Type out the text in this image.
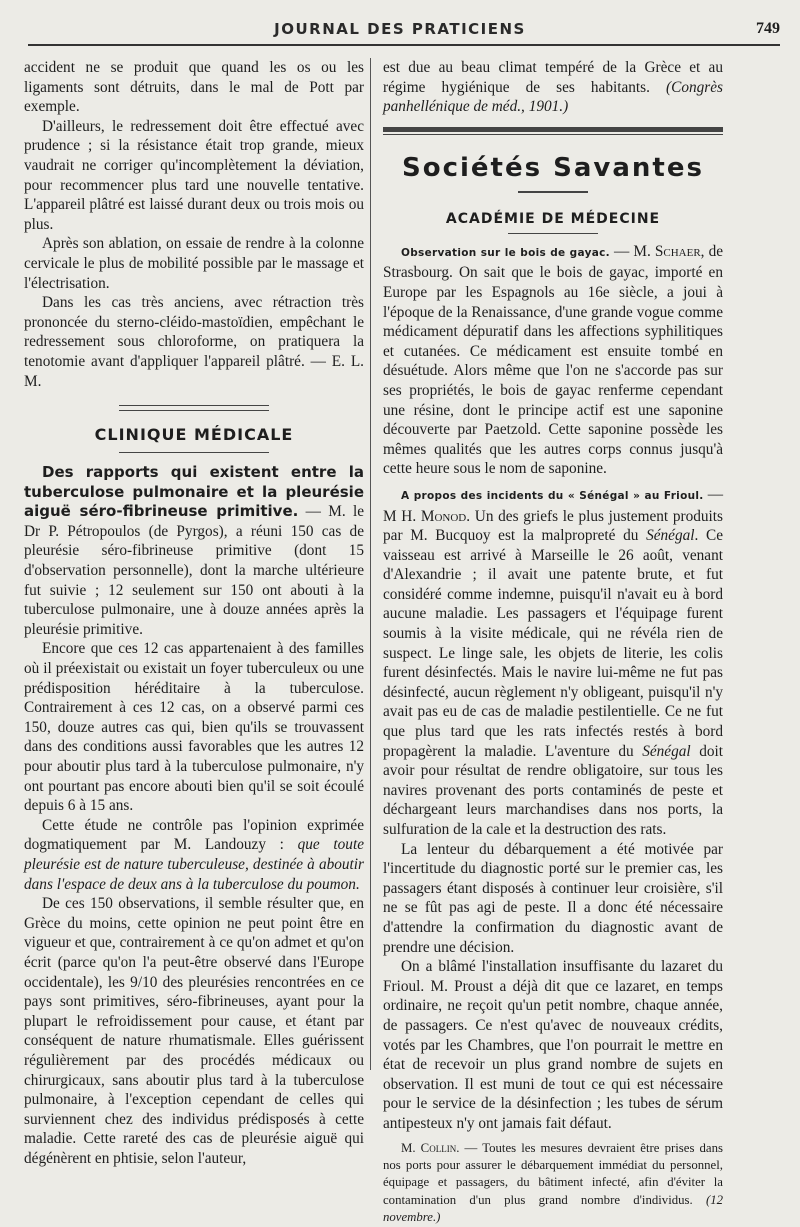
JOURNAL DES PRATICIENS	749

accident ne se produit que quand les os ou les ligaments sont détruits, dans le mal de Pott par exemple.

D'ailleurs, le redressement doit être effectué avec prudence ; si la résistance était trop grande, mieux vaudrait ne corriger qu'incomplètement la déviation, pour recommencer plus tard une nouvelle tentative. L'appareil plâtré est laissé durant deux ou trois mois ou plus.

Après son ablation, on essaie de rendre à la colonne cervicale le plus de mobilité possible par le massage et l'électrisation.

Dans les cas très anciens, avec rétraction très prononcée du sterno-cléido-mastoïdien, empêchant le redressement sous chloroforme, on pratiquera la tenotomie avant d'appliquer l'appareil plâtré. — E. L. M.

CLINIQUE MÉDICALE

Des rapports qui existent entre la tuberculose pulmonaire et la pleurésie aiguë séro-fibrineuse primitive. — M. le Dr P. Pétropoulos (de Pyrgos), a réuni 150 cas de pleurésie séro-fibrineuse primitive (dont 15 d'observation personnelle), dont la marche ultérieure fut suivie ; 12 seulement sur 150 ont abouti à la tuberculose pulmonaire, une à douze années après la pleurésie primitive.

Encore que ces 12 cas appartenaient à des familles où il préexistait ou existait un foyer tuberculeux ou une prédisposition héréditaire à la tuberculose. Contrairement à ces 12 cas, on a observé parmi ces 150, douze autres cas qui, bien qu'ils se trouvassent dans des conditions aussi favorables que les autres 12 pour aboutir plus tard à la tuberculose pulmonaire, n'y ont pourtant pas encore abouti bien qu'il se soit écoulé depuis 6 à 15 ans.

Cette étude ne contrôle pas l'opinion exprimée dogmatiquement par M. Landouzy : que toute pleurésie est de nature tuberculeuse, destinée à aboutir dans l'espace de deux ans à la tuberculose du poumon.

De ces 150 observations, il semble résulter que, en Grèce du moins, cette opinion ne peut point être en vigueur et que, contrairement à ce qu'on admet et qu'on écrit (parce qu'on l'a peut-être observé dans l'Europe occidentale), les 9/10 des pleurésies rencontrées en ce pays sont primitives, séro-fibrineuses, ayant pour la plupart le refroidissement pour cause, et étant par conséquent de nature rhumatismale. Elles guérissent régulièrement par des procédés médicaux ou chirurgicaux, sans aboutir plus tard à la tuberculose pulmonaire, à l'exception cependant de celles qui surviennent chez des individus prédisposés à cette maladie. Cette rareté des cas de pleurésie aiguë qui dégénèrent en phtisie, selon l'auteur,

est due au beau climat tempéré de la Grèce et au régime hygiénique de ses habitants. (Congrès panhellénique de méd., 1901.)

Sociétés Savantes
ACADÉMIE DE MÉDECINE

Observation sur le bois de gayac. — M. Schaer, de Strasbourg. On sait que le bois de gayac, importé en Europe par les Espagnols au 16e siècle, a joui à l'époque de la Renaissance, d'une grande vogue comme médicament dépuratif dans les affections syphilitiques et cutanées. Ce médicament est ensuite tombé en désuétude. Alors même que l'on ne s'accorde pas sur ses propriétés, le bois de gayac renferme cependant une résine, dont le principe actif est une saponine découverte par Paetzold. Cette saponine possède les mêmes qualités que les autres corps connus jusqu'à cette heure sous le nom de saponine.

A propos des incidents du « Sénégal » au Frioul. — M H. Monod. Un des griefs le plus justement produits par M. Bucquoy est la malpropreté du Sénégal. Ce vaisseau est arrivé à Marseille le 26 août, venant d'Alexandrie ; il avait une patente brute, et fut considéré comme indemne, puisqu'il n'avait eu à bord aucune maladie. Les passagers et l'équipage furent soumis à la visite médicale, qui ne révéla rien de suspect. Le linge sale, les objets de literie, les colis furent désinfectés. Mais le navire lui-même ne fut pas désinfecté, aucun règlement n'y obligeant, puisqu'il n'y avait pas eu de cas de maladie pestilentielle. Ce ne fut que plus tard que les rats infectés restés à bord propagèrent la maladie. L'aventure du Sénégal doit avoir pour résultat de rendre obligatoire, sur tous les navires provenant des ports contaminés de peste et déchargeant leurs marchandises dans nos ports, la sulfuration de la cale et la destruction des rats.

La lenteur du débarquement a été motivée par l'incertitude du diagnostic porté sur le premier cas, les passagers étant disposés à continuer leur croisière, s'il ne se fût pas agi de peste. Il a donc été nécessaire d'attendre la confirmation du diagnostic avant de prendre une décision.

On a blâmé l'installation insuffisante du lazaret du Frioul. M. Proust a déjà dit que ce lazaret, en temps ordinaire, ne reçoit qu'un petit nombre, chaque année, de passagers. Ce n'est qu'avec de nouveaux crédits, votés par les Chambres, que l'on pourrait le mettre en état de recevoir un plus grand nombre de sujets en observation. Il est muni de tout ce qui est nécessaire pour le service de la désinfection ; les tubes de sérum antipesteux n'y ont jamais fait défaut.

M. Collin. — Toutes les mesures devraient être prises dans nos ports pour assurer le débarquement immédiat du personnel, équipage et passagers, du bâtiment infecté, afin d'éviter la contamination d'un plus grand nombre d'individus. (12 novembre.)
